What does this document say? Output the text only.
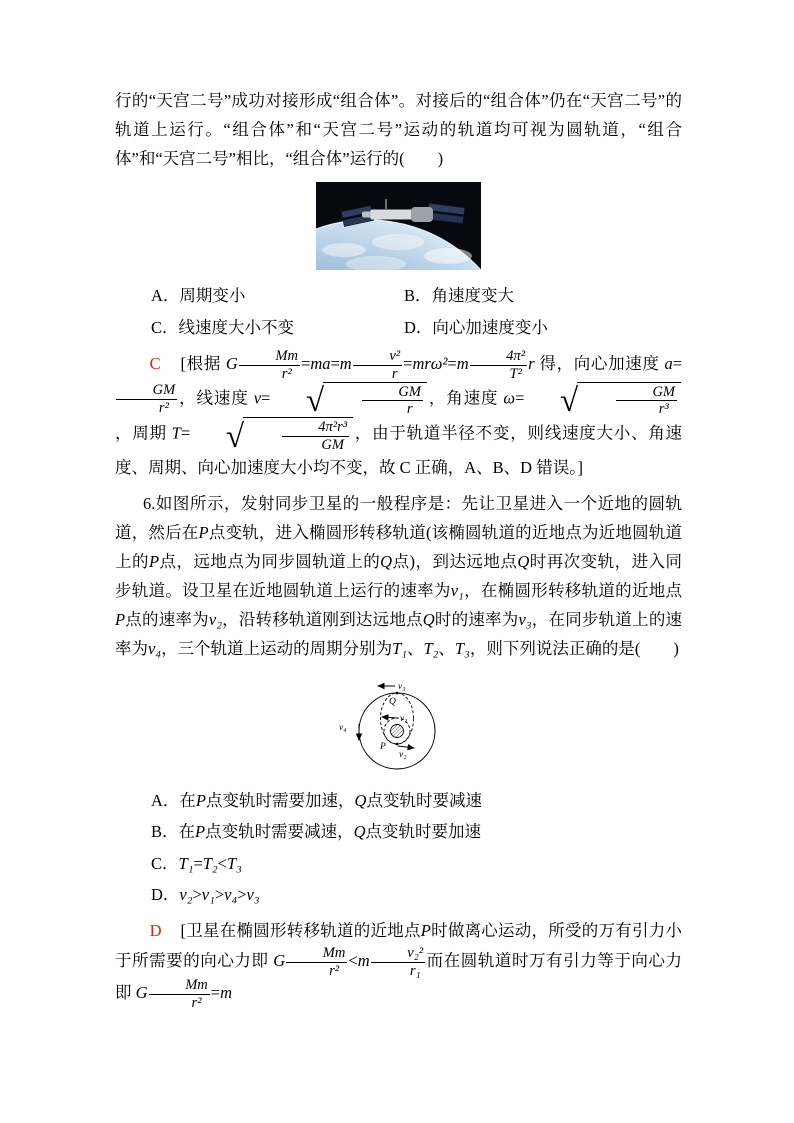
行的“天宫二号”成功对接形成“组合体”。对接后的“组合体”仍在“天宫二号”的轨道上运行。“组合体”和“天宫二号”运动的轨道均可视为圆轨道，“组合体”和“天宫二号”相比，“组合体”运行的(　　)

A．周期变小	B．角速度变大
C．线速度大小不变	D．向心加速度变小

C　[根据 G $\frac{Mm}{\text{r²}} =ma=m \frac{\text{v²}}{r} =mr\omega^2=m \frac{\text{4π²}}{\text{T²}}$ r 得，向心加速度 a=
$\frac{GM}{\text{r²}}$ ，线速度 v=	√	$\frac{GM}{r}$ ，角速度 ω=	√	$\frac{GM}{\text{r³}}$
，周期 T=	√	$\frac{\text{4π²r³}}{GM}$ ，由于轨道半径不变，则线速度大小、角速度、周期、向心加速度大小均不变，故 C 正确，A、B、D 错误。]

6.如图所示，发射同步卫星的一般程序是：先让卫星进入一个近地的圆轨道，然后在P点变轨，进入椭圆形转移轨道(该椭圆轨道的近地点为近地圆轨道上的P点，远地点为同步圆轨道上的Q点)，到达远地点Q时再次变轨，进入同步轨道。设卫星在近地圆轨道上运行的速率为v₁，在椭圆形转移轨道的近地点P点的速率为v₂，沿转移轨道刚到达远地点Q时的速率为v₃，在同步轨道上的速率为v₄，三个轨道上运动的周期分别为T₁、T₂、T₃，则下列说法正确的是(　　)

v₃
Q
v₁
v₄
P
v₂

A．在P点变轨时需要加速，Q点变轨时要减速

B．在P点变轨时需要减速，Q点变轨时要加速

C．T₁=T₂<T₃

D．v₂>v₁>v₄>v₃

D　[卫星在椭圆形转移轨道的近地点P时做离心运动，所受的万有引力小于所需要的向心力即 G $\frac{Mm}{\text{r²}} <m \frac{\text{v₂²}}{\text{r₁}}$ 而在圆轨道时万有引力等于向心力即 G $\frac{Mm}{\text{r²}} =m$
